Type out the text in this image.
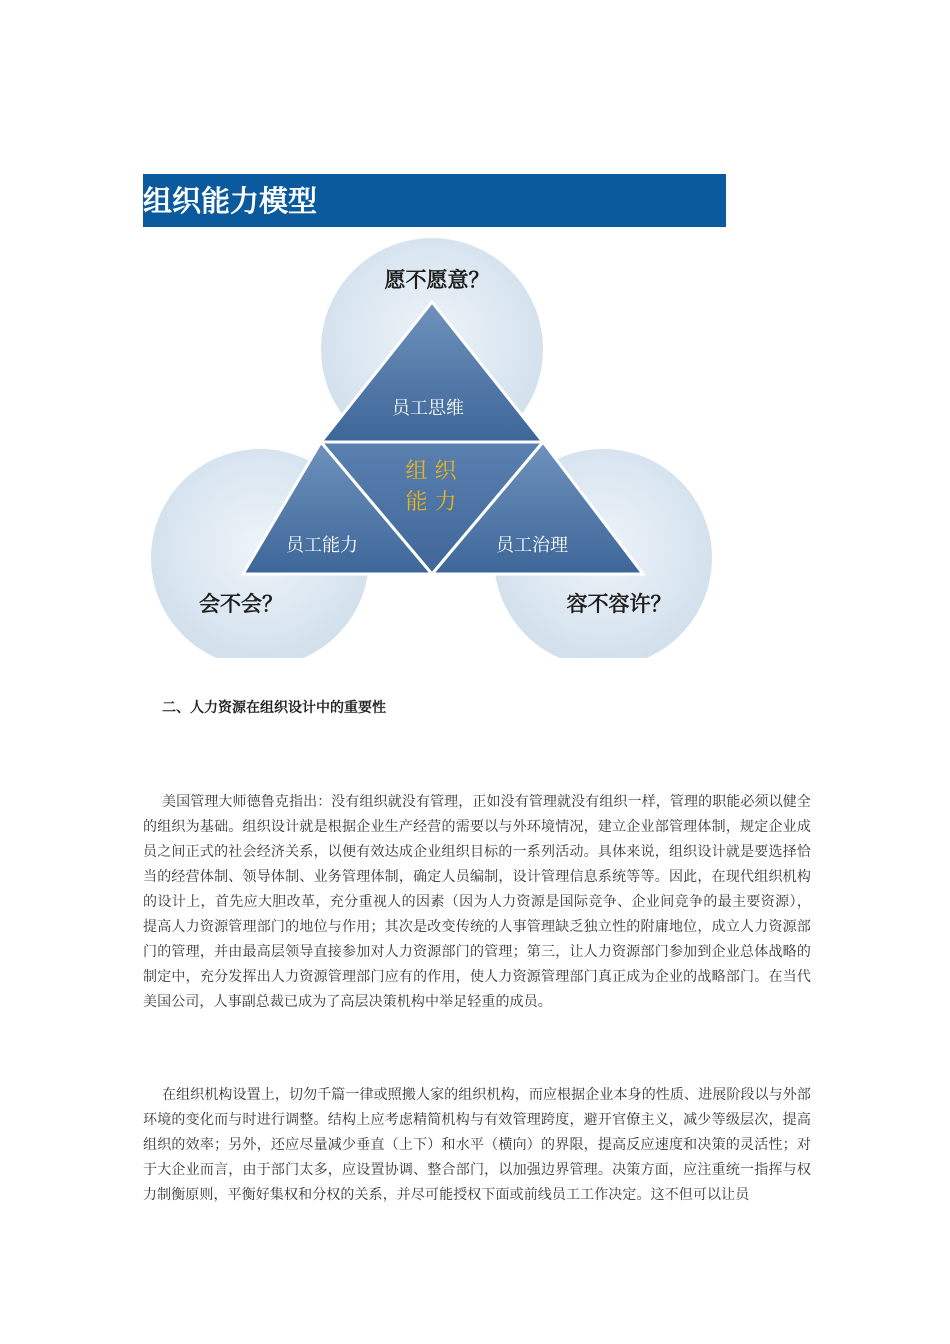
组织能力模型
愿不愿意？
会不会？	容不容许？
员工思维
组 织
能 力
员工能力	员工治理
二、人力资源在组织设计中的重要性

美国管理大师德鲁克指出：没有组织就没有管理，正如没有管理就没有组织一样，管理的职能必须以健全的组织为基础。组织设计就是根据企业生产经营的需要以与外环境情况，建立企业部管理体制，规定企业成员之间正式的社会经济关系，以便有效达成企业组织目标的一系列活动。具体来说，组织设计就是要选择恰当的经营体制、领导体制、业务管理体制，确定人员编制，设计管理信息系统等等。因此，在现代组织机构的设计上，首先应大胆改革，充分重视人的因素（因为人力资源是国际竞争、企业间竞争的最主要资源），提高人力资源管理部门的地位与作用；其次是改变传统的人事管理缺乏独立性的附庸地位，成立人力资源部门的管理，并由最高层领导直接参加对人力资源部门的管理；第三，让人力资源部门参加到企业总体战略的制定中，充分发挥出人力资源管理部门应有的作用，使人力资源管理部门真正成为企业的战略部门。在当代美国公司，人事副总裁已成为了高层决策机构中举足轻重的成员。

在组织机构设置上，切勿千篇一律或照搬人家的组织机构，而应根据企业本身的性质、进展阶段以与外部环境的变化而与时进行调整。结构上应考虑精简机构与有效管理跨度，避开官僚主义，减少等级层次，提高组织的效率；另外，还应尽量减少垂直（上下）和水平（横向）的界限，提高反应速度和决策的灵活性；对于大企业而言，由于部门太多，应设置协调、整合部门，以加强边界管理。决策方面，应注重统一指挥与权力制衡原则，平衡好集权和分权的关系，并尽可能授权下面或前线员工工作决定。这不但可以让员
